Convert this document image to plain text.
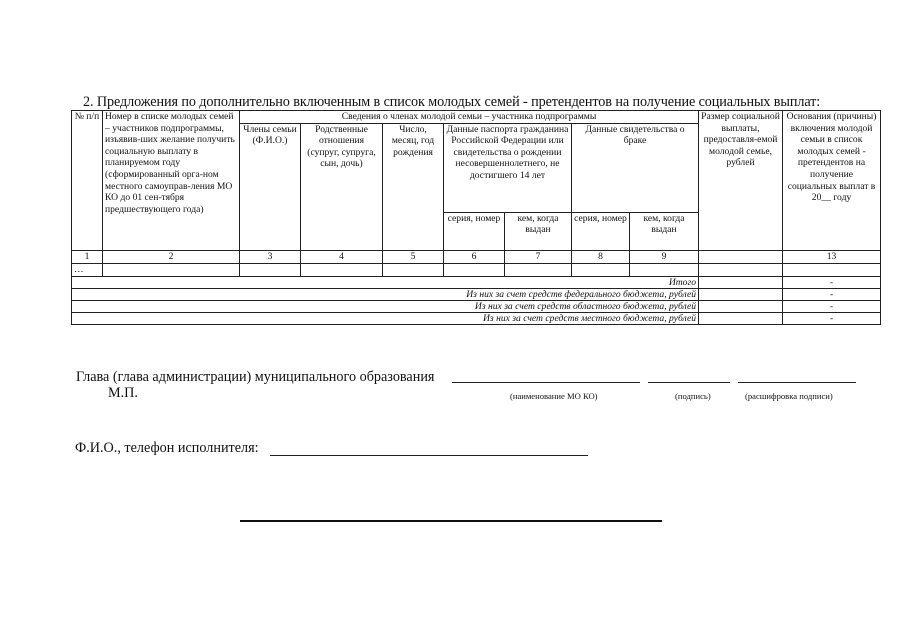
2. Предложения по дополнительно включенным в список молодых семей - претендентов на получение социальных выплат:
№ п/п	Номер в списке молодых семей – участников подпрограммы, изъявив-ших желание получить социальную выплату в планируемом году (сформированный орга-ном местного самоуправ-ления МО КО до 01 сен-тября предшествующего года)	Сведения о членах молодой семьи – участника подпрограммы							Размер социальной выплаты, предоставля-емой молодой семье, рублей	Основания (причины) включения молодой семьи в список молодых семей - претендентов на получение социальных выплат в 20__ году
		Члены семьи (Ф.И.О.)	Родственные отношения (супруг, супруга, сын, дочь)	Число, месяц, год рождения	Данные паспорта гражданина Российской Федерации или свидетельства о рождении несовершеннолетнего, не достигшего 14 лет		Данные свидетельства о браке			
					серия, номер	кем, когда выдан	серия, номер	кем, когда выдан		
1	2	3	4	5	6	7	8	9		13
…										
Итого										-
Из них за счет средств федерального бюджета, рублей										-
Из них за счет средств областного бюджета, рублей										-
Из них за счет средств местного бюджета, рублей										-
Глава (глава администрации) муниципального образования
М.П.	(наименование МО КО)	(подпись)	(расшифровка подписи)
Ф.И.О., телефон исполнителя:
